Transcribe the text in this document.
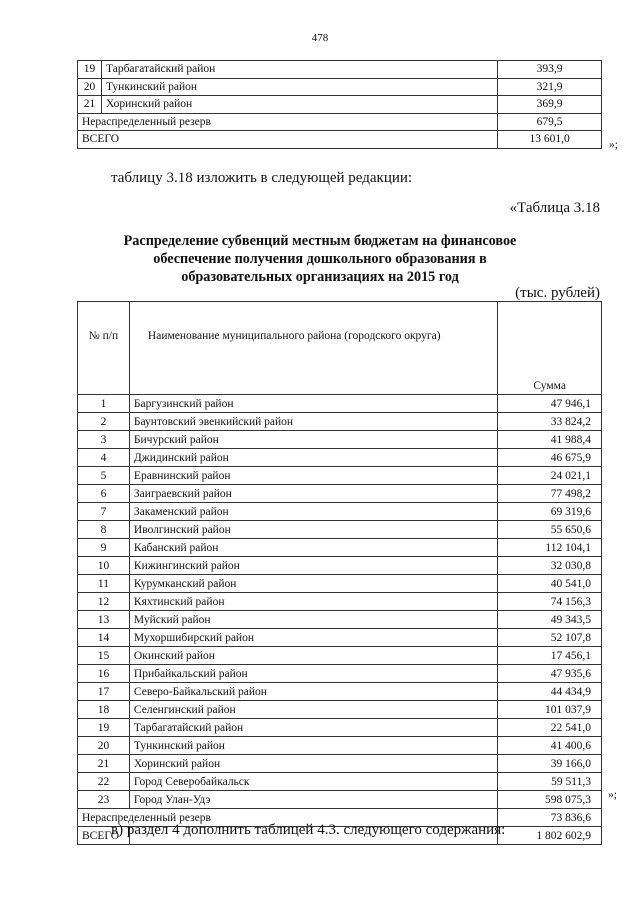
478
19	Тарбагатайский район	393,9
20	Тункинский район	321,9
21	Хоринский район	369,9
Нераспределенный резерв		679,5
ВСЕГО		13 601,0	»;
таблицу 3.18 изложить в следующей редакции:
«Таблица 3.18
Распределение субвенций местным бюджетам на финансовое
обеспечение получения дошкольного образования в
образовательных организациях на 2015 год
(тыс. рублей)
№ п/п	Наименование муниципального района (городского округа)	Сумма
1	Баргузинский район	47 946,1
2	Баунтовский эвенкийский район	33 824,2
3	Бичурский район	41 988,4
4	Джидинский район	46 675,9
5	Еравнинский район	24 021,1
6	Заиграевский район	77 498,2
7	Закаменский район	69 319,6
8	Иволгинский район	55 650,6
9	Кабанский район	112 104,1
10	Кижингинский район	32 030,8
11	Курумканский район	40 541,0
12	Кяхтинский район	74 156,3
13	Муйский район	49 343,5
14	Мухоршибирский район	52 107,8
15	Окинский район	17 456,1
16	Прибайкальский район	47 935,6
17	Северо-Байкальский район	44 434,9
18	Селенгинский район	101 037,9
19	Тарбагатайский район	22 541,0
20	Тункинский район	41 400,6
21	Хоринский район	39 166,0
22	Город Северобайкальск	59 511,3
23	Город Улан-Удэ	598 075,3
Нераспределенный резерв		73 836,6
ВСЕГО		1 802 602,9
»;
в) раздел 4 дополнить таблицей 4.3. следующего содержания:
